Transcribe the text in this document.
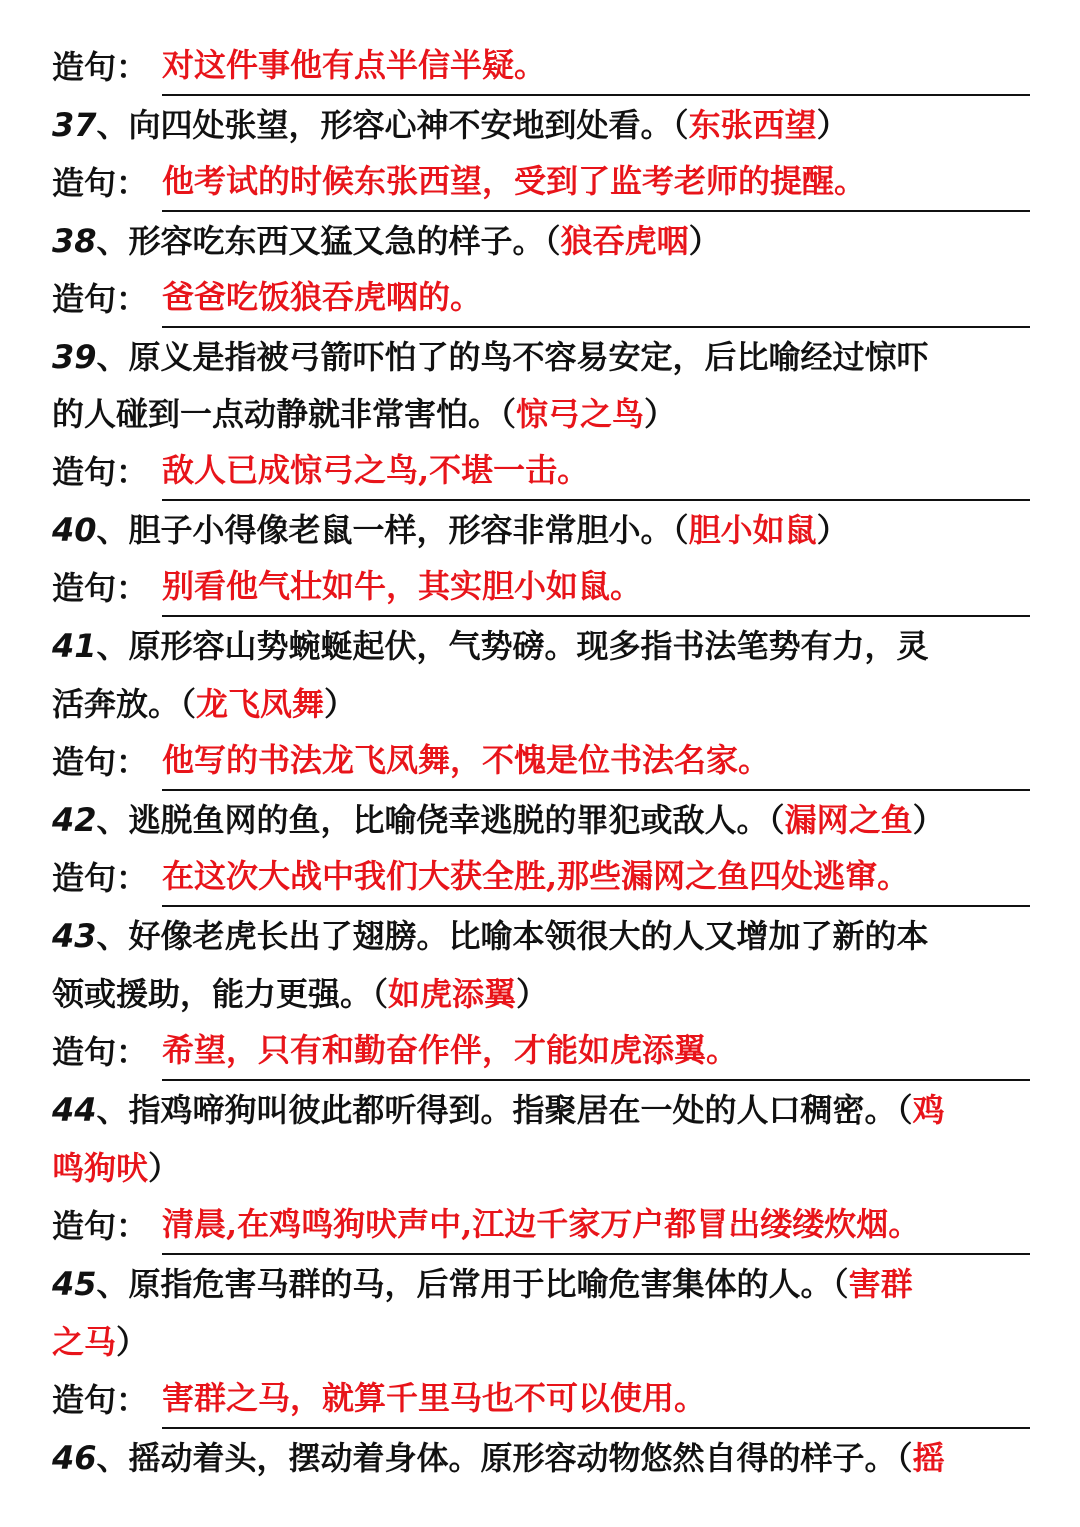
造句： 对这件事他有点半信半疑。
37、向四处张望，形容心神不安地到处看。（东张西望）
造句： 他考试的时候东张西望，受到了监考老师的提醒。
38、形容吃东西又猛又急的样子。（狼吞虎咽）
造句： 爸爸吃饭狼吞虎咽的。
39、原义是指被弓箭吓怕了的鸟不容易安定，后比喻经过惊吓
的人碰到一点动静就非常害怕。（惊弓之鸟）
造句： 敌人已成惊弓之鸟,不堪一击。
40、胆子小得像老鼠一样，形容非常胆小。（胆小如鼠）
造句： 别看他气壮如牛，其实胆小如鼠。
41、原形容山势蜿蜒起伏，气势磅。现多指书法笔势有力，灵
活奔放。（龙飞凤舞）
造句： 他写的书法龙飞凤舞，不愧是位书法名家。
42、逃脱鱼网的鱼，比喻侥幸逃脱的罪犯或敌人。（漏网之鱼）
造句： 在这次大战中我们大获全胜,那些漏网之鱼四处逃窜。
43、好像老虎长出了翅膀。比喻本领很大的人又增加了新的本
领或援助，能力更强。（如虎添翼）
造句： 希望，只有和勤奋作伴，才能如虎添翼。
44、指鸡啼狗叫彼此都听得到。指聚居在一处的人口稠密。（鸡
鸣狗吠）
造句： 清晨,在鸡鸣狗吠声中,江边千家万户都冒出缕缕炊烟。
45、原指危害马群的马，后常用于比喻危害集体的人。（害群
之马）
造句： 害群之马，就算千里马也不可以使用。
46、摇动着头，摆动着身体。原形容动物悠然自得的样子。（摇
